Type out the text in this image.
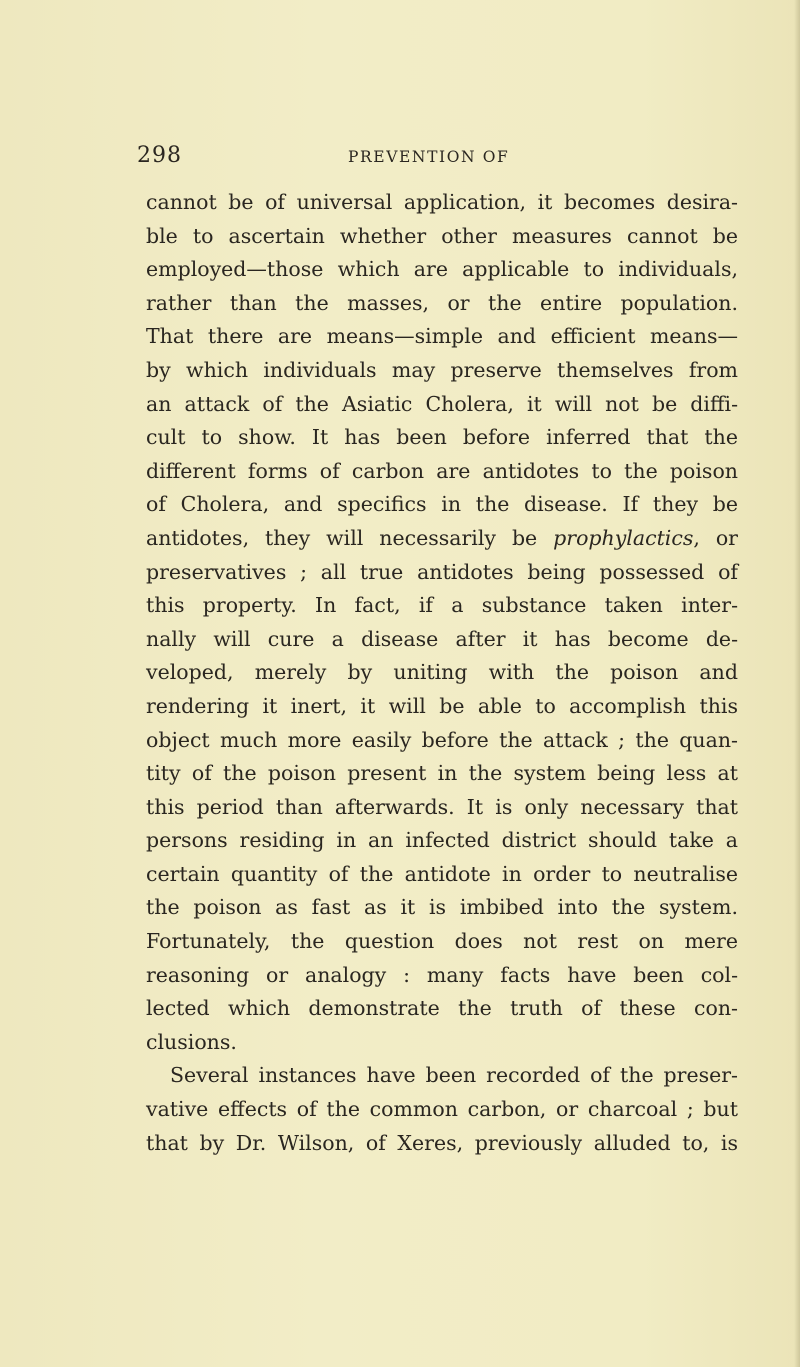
298	PREVENTION OF
cannot be of universal application, it becomes desira-
ble to ascertain whether other measures cannot be
employed—those which are applicable to individuals,
rather than the masses, or the entire population.
That there are means—simple and efficient means—
by which individuals may preserve themselves from
an attack of the Asiatic Cholera, it will not be diffi-
cult to show. It has been before inferred that the
different forms of carbon are antidotes to the poison
of Cholera, and specifics in the disease. If they be
antidotes, they will necessarily be prophylactics, or
preservatives ; all true antidotes being possessed of
this property. In fact, if a substance taken inter-
nally will cure a disease after it has become de-
veloped, merely by uniting with the poison and
rendering it inert, it will be able to accomplish this
object much more easily before the attack ; the quan-
tity of the poison present in the system being less at
this period than afterwards. It is only necessary that
persons residing in an infected district should take a
certain quantity of the antidote in order to neutralise
the poison as fast as it is imbibed into the system.
Fortunately, the question does not rest on mere
reasoning or analogy : many facts have been col-
lected which demonstrate the truth of these con-
clusions.
Several instances have been recorded of the preser-
vative effects of the common carbon, or charcoal ; but
that by Dr. Wilson, of Xeres, previously alluded to, is
